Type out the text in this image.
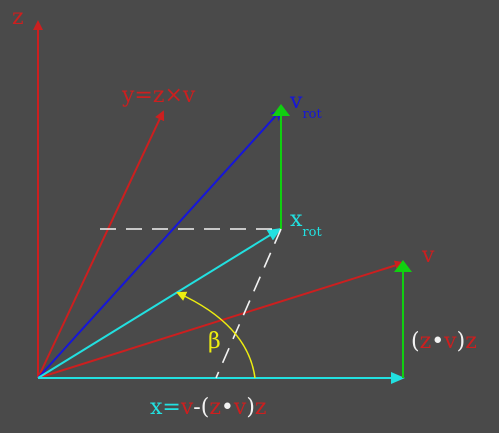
z
y=z×v	$v_{rot}$
$x_{rot}$
v
β	(z•v)z
x=v-(z•v)z
